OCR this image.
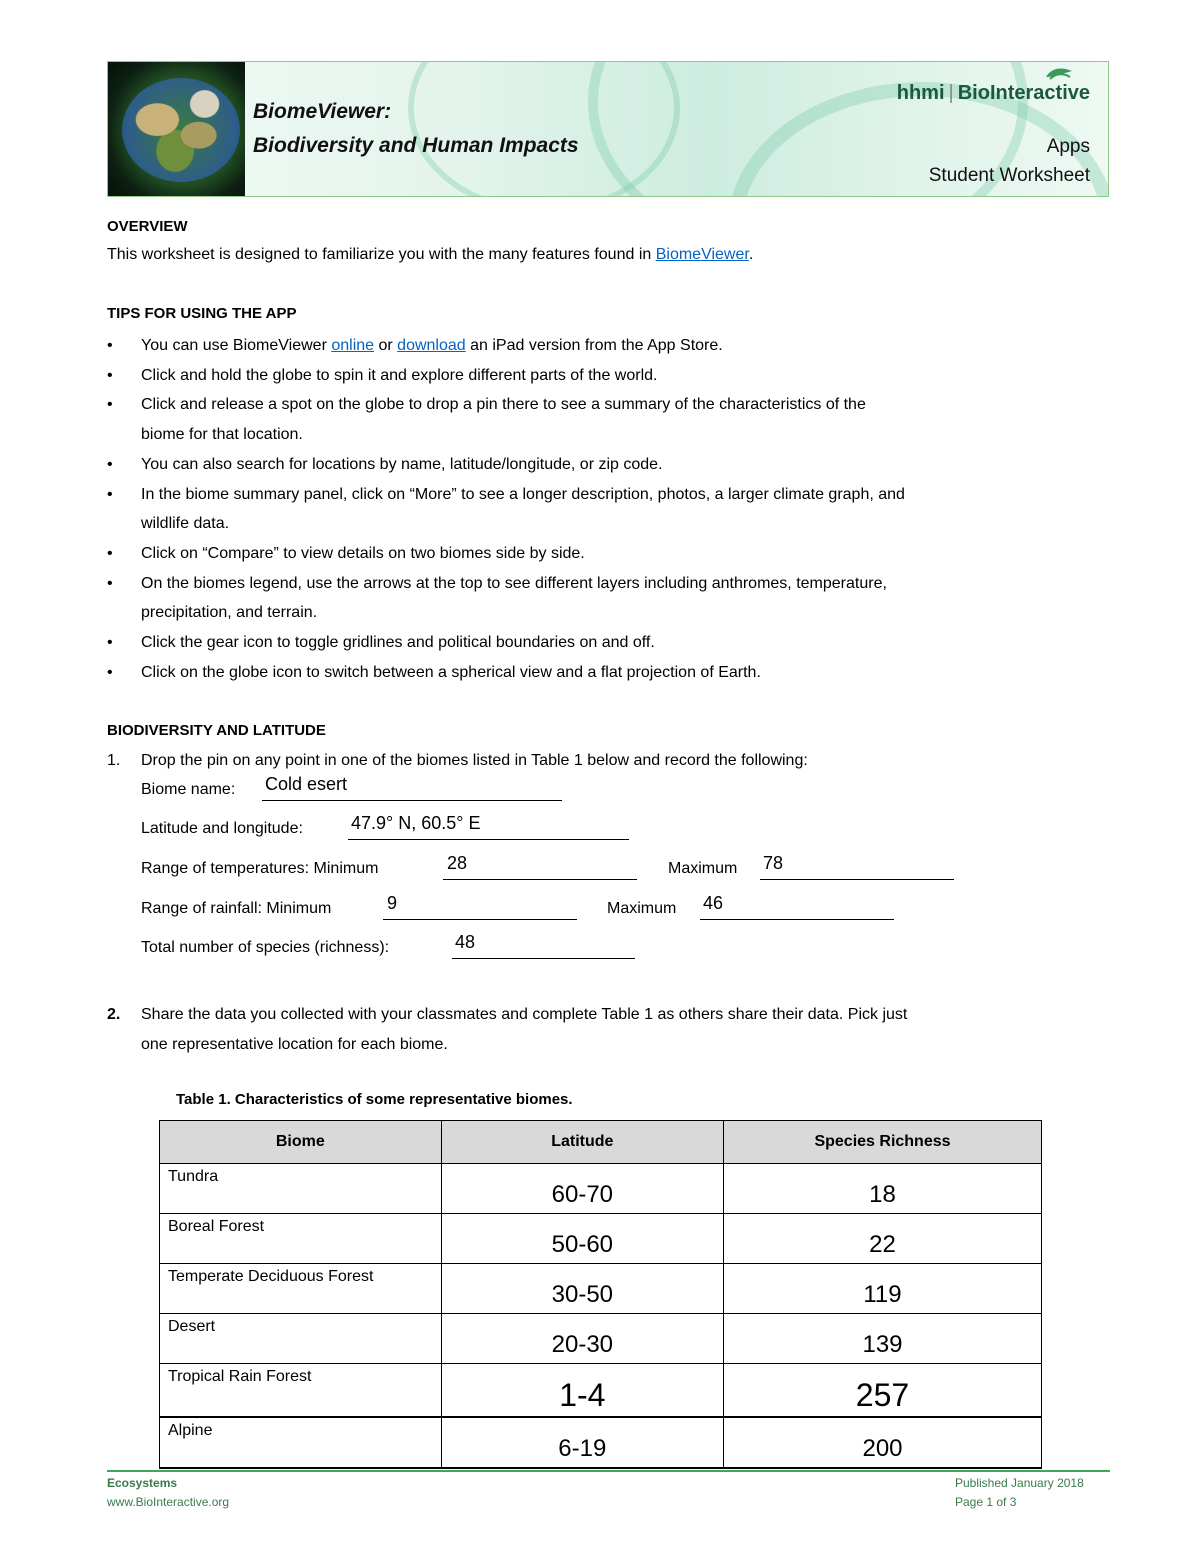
BiomeViewer:
Biodiversity and Human Impacts
hhmi | BioInteractive
Apps
Student Worksheet
OVERVIEW
This worksheet is designed to familiarize you with the many features found in BiomeViewer.
TIPS FOR USING THE APP
• You can use BiomeViewer online or download an iPad version from the App Store.
• Click and hold the globe to spin it and explore different parts of the world.
• Click and release a spot on the globe to drop a pin there to see a summary of the characteristics of the
biome for that location.
• You can also search for locations by name, latitude/longitude, or zip code.
• In the biome summary panel, click on “More” to see a longer description, photos, a larger climate graph, and
wildlife data.
• Click on “Compare” to view details on two biomes side by side.
• On the biomes legend, use the arrows at the top to see different layers including anthromes, temperature,
precipitation, and terrain.
• Click the gear icon to toggle gridlines and political boundaries on and off.
• Click on the globe icon to switch between a spherical view and a flat projection of Earth.
BIODIVERSITY AND LATITUDE
1. Drop the pin on any point in one of the biomes listed in Table 1 below and record the following:
Biome name: Cold esert
Latitude and longitude:	47.9° N, 60.5° E
Range of temperatures: Minimum	28	Maximum 78
Range of rainfall: Minimum	9	Maximum 46
Total number of species (richness):	48
2. Share the data you collected with your classmates and complete Table 1 as others share their data. Pick just
one representative location for each biome.
Table 1. Characteristics of some representative biomes.
Biome	Latitude	Species Richness
Tundra	60-70	18
Boreal Forest	50-60	22
Temperate Deciduous Forest	30-50	119
Desert	20-30	139
Tropical Rain Forest	1-4	257
Alpine	6-19	200
Ecosystems
www.BioInteractive.org
Published January 2018
Page 1 of 3
